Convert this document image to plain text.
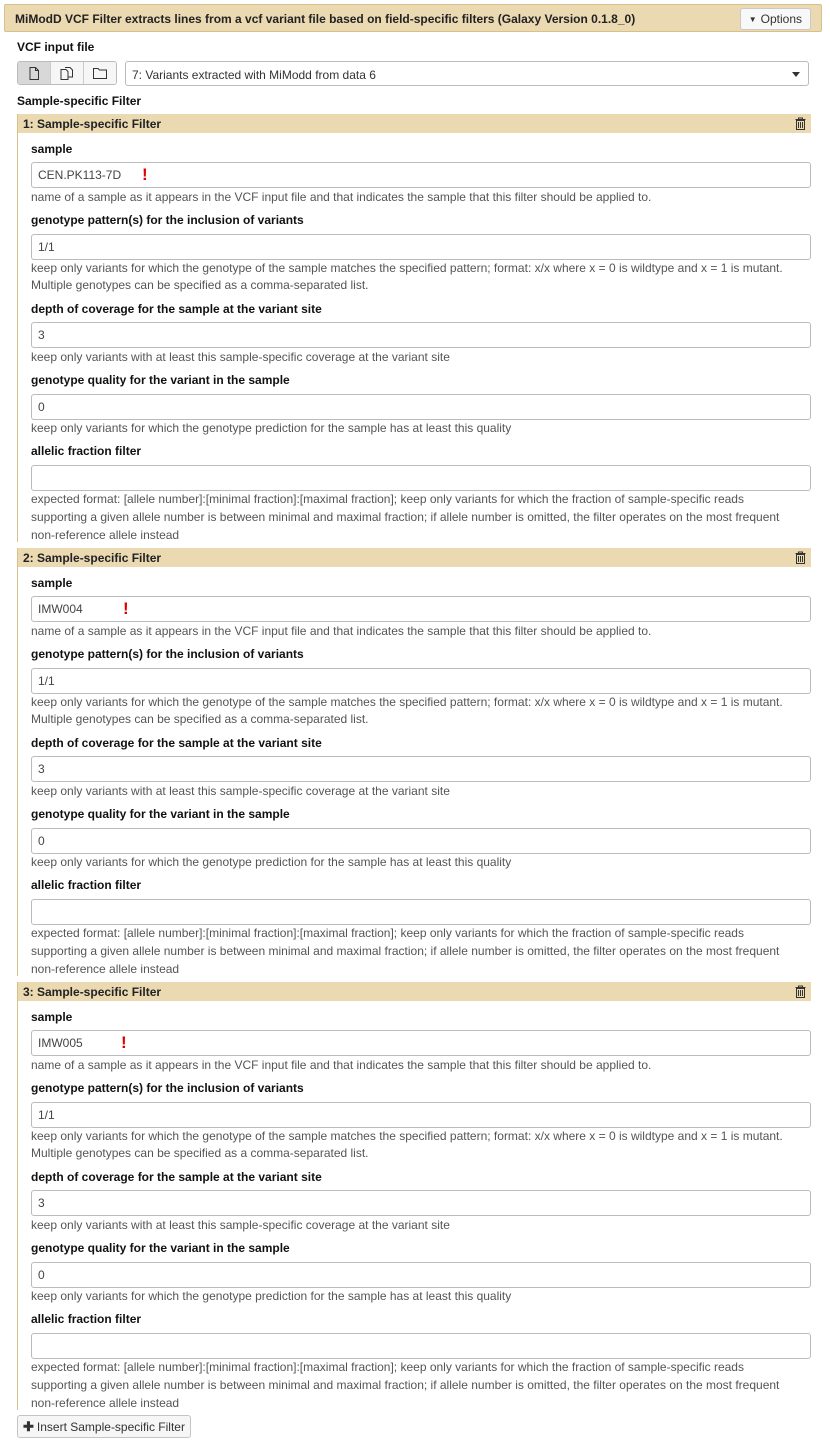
MiModD VCF Filter extracts lines from a vcf variant file based on field-specific filters (Galaxy Version 0.1.8_0)	▼ Options
VCF input file
7: Variants extracted with MiModd from data 6
Sample-specific Filter
1: Sample-specific Filter
sample
CEN.PK113-7D
!
name of a sample as it appears in the VCF input file and that indicates the sample that this filter should be applied to.
genotype pattern(s) for the inclusion of variants
1/1
keep only variants for which the genotype of the sample matches the specified pattern; format: x/x where x = 0 is wildtype and x = 1 is mutant.
Multiple genotypes can be specified as a comma-separated list.
depth of coverage for the sample at the variant site
3
keep only variants with at least this sample-specific coverage at the variant site
genotype quality for the variant in the sample
0
keep only variants for which the genotype prediction for the sample has at least this quality
allelic fraction filter
expected format: [allele number]:[minimal fraction]:[maximal fraction]; keep only variants for which the fraction of sample-specific reads
supporting a given allele number is between minimal and maximal fraction; if allele number is omitted, the filter operates on the most frequent
non-reference allele instead
2: Sample-specific Filter
sample
IMW004
!
name of a sample as it appears in the VCF input file and that indicates the sample that this filter should be applied to.
genotype pattern(s) for the inclusion of variants
1/1
keep only variants for which the genotype of the sample matches the specified pattern; format: x/x where x = 0 is wildtype and x = 1 is mutant.
Multiple genotypes can be specified as a comma-separated list.
depth of coverage for the sample at the variant site
3
keep only variants with at least this sample-specific coverage at the variant site
genotype quality for the variant in the sample
0
keep only variants for which the genotype prediction for the sample has at least this quality
allelic fraction filter
expected format: [allele number]:[minimal fraction]:[maximal fraction]; keep only variants for which the fraction of sample-specific reads
supporting a given allele number is between minimal and maximal fraction; if allele number is omitted, the filter operates on the most frequent
non-reference allele instead
3: Sample-specific Filter
sample
IMW005
!
name of a sample as it appears in the VCF input file and that indicates the sample that this filter should be applied to.
genotype pattern(s) for the inclusion of variants
1/1
keep only variants for which the genotype of the sample matches the specified pattern; format: x/x where x = 0 is wildtype and x = 1 is mutant.
Multiple genotypes can be specified as a comma-separated list.
depth of coverage for the sample at the variant site
3
keep only variants with at least this sample-specific coverage at the variant site
genotype quality for the variant in the sample
0
keep only variants for which the genotype prediction for the sample has at least this quality
allelic fraction filter
expected format: [allele number]:[minimal fraction]:[maximal fraction]; keep only variants for which the fraction of sample-specific reads
supporting a given allele number is between minimal and maximal fraction; if allele number is omitted, the filter operates on the most frequent
non-reference allele instead
✚ Insert Sample-specific Filter
